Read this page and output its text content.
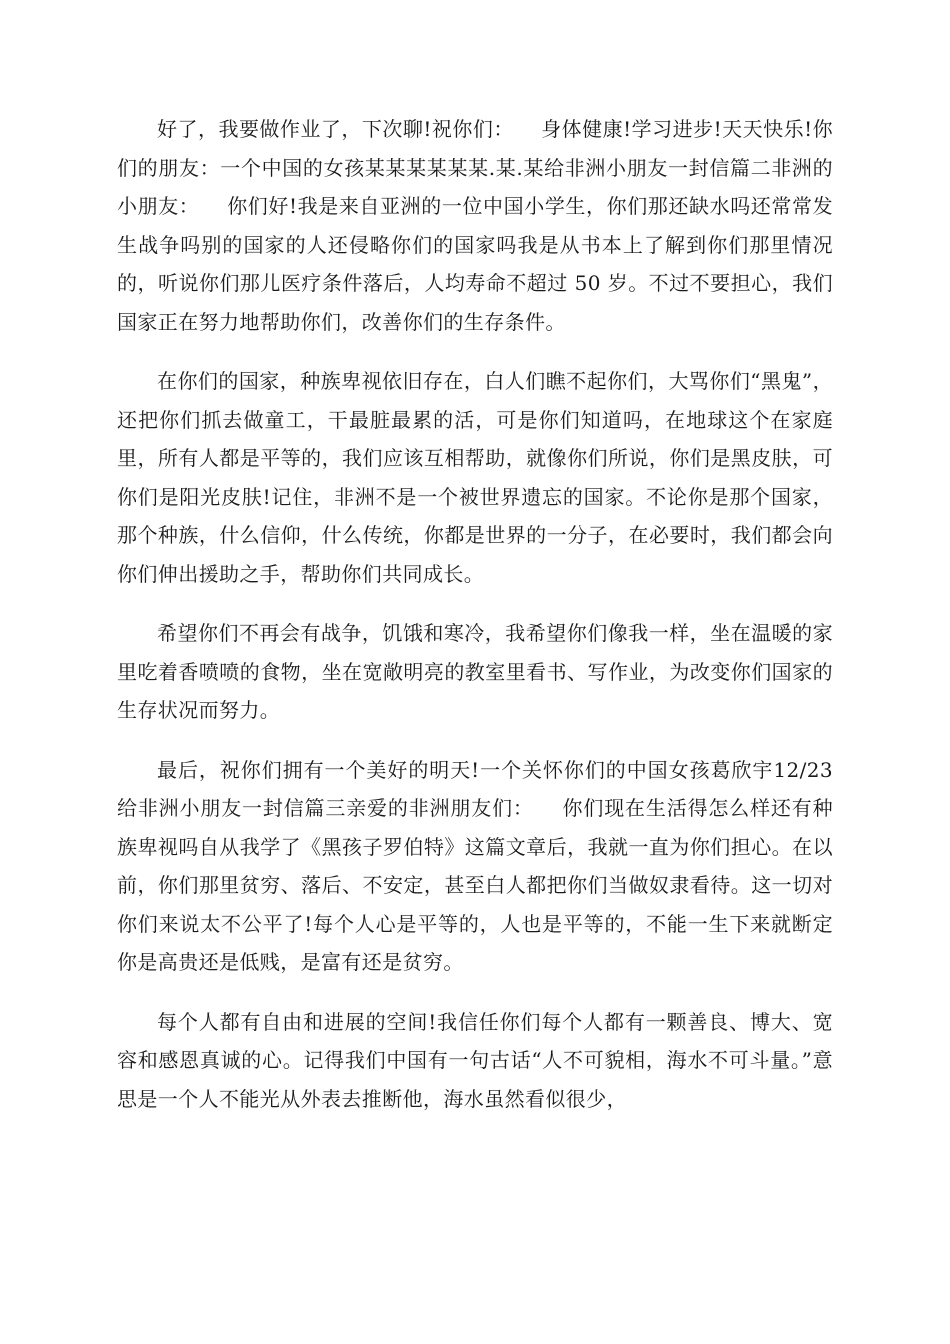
好了，我要做作业了，下次聊!祝你们：    身体健康!学习进步!天天快乐!你们的朋友：一个中国的女孩某某某某某某.某.某给非洲小朋友一封信篇二非洲的小朋友：    你们好!我是来自亚洲的一位中国小学生，你们那还缺水吗还常常发生战争吗别的国家的人还侵略你们的国家吗我是从书本上了解到你们那里情况的，听说你们那儿医疗条件落后，人均寿命不超过 50 岁。不过不要担心，我们国家正在努力地帮助你们，改善你们的生存条件。

在你们的国家，种族卑视依旧存在，白人们瞧不起你们，大骂你们“黑鬼”，还把你们抓去做童工，干最脏最累的活，可是你们知道吗，在地球这个在家庭里，所有人都是平等的，我们应该互相帮助，就像你们所说，你们是黑皮肤，可你们是阳光皮肤!记住，非洲不是一个被世界遗忘的国家。不论你是那个国家，那个种族，什么信仰，什么传统，你都是世界的一分子，在必要时，我们都会向你们伸出援助之手，帮助你们共同成长。

希望你们不再会有战争，饥饿和寒冷，我希望你们像我一样，坐在温暖的家里吃着香喷喷的食物，坐在宽敞明亮的教室里看书、写作业，为改变你们国家的生存状况而努力。

最后，祝你们拥有一个美好的明天!一个关怀你们的中国女孩葛欣宇12/23 给非洲小朋友一封信篇三亲爱的非洲朋友们：    你们现在生活得怎么样还有种族卑视吗自从我学了《黑孩子罗伯特》这篇文章后，我就一直为你们担心。在以前，你们那里贫穷、落后、不安定，甚至白人都把你们当做奴隶看待。这一切对你们来说太不公平了!每个人心是平等的，人也是平等的，不能一生下来就断定你是高贵还是低贱，是富有还是贫穷。

每个人都有自由和进展的空间!我信任你们每个人都有一颗善良、博大、宽容和感恩真诚的心。记得我们中国有一句古话“人不可貌相，海水不可斗量。”意思是一个人不能光从外表去推断他，海水虽然看似很少，
